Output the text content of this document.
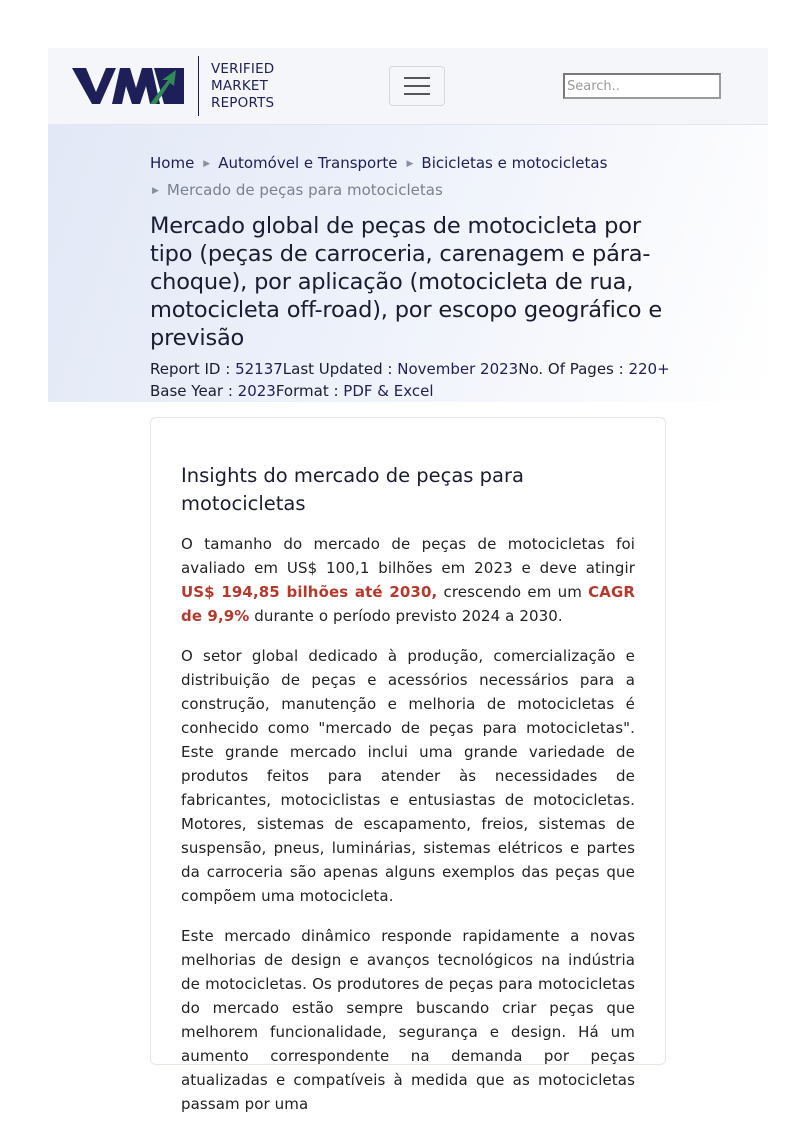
VERIFIED
MARKET
REPORTS
Search..
Home ▶ Automóvel e Transporte ▶ Bicicletas e motocicletas
▶ Mercado de peças para motocicletas
Mercado global de peças de motocicleta por tipo (peças de carroceria, carenagem e pára-choque), por aplicação (motocicleta de rua, motocicleta off-road), por escopo geográfico e previsão
Report ID : 52137Last Updated : November 2023No. Of Pages : 220+
Base Year : 2023Format : PDF & Excel
Insights do mercado de peças para motocicletas

O tamanho do mercado de peças de motocicletas foi avaliado em US$ 100,1 bilhões em 2023 e deve atingir US$ 194,85 bilhões até 2030, crescendo em um CAGR de 9,9% durante o período previsto 2024 a 2030.

O setor global dedicado à produção, comercialização e distribuição de peças e acessórios necessários para a construção, manutenção e melhoria de motocicletas é conhecido como "mercado de peças para motocicletas". Este grande mercado inclui uma grande variedade de produtos feitos para atender às necessidades de fabricantes, motociclistas e entusiastas de motocicletas. Motores, sistemas de escapamento, freios, sistemas de suspensão, pneus, luminárias, sistemas elétricos e partes da carroceria são apenas alguns exemplos das peças que compõem uma motocicleta.

Este mercado dinâmico responde rapidamente a novas melhorias de design e avanços tecnológicos na indústria de motocicletas. Os produtores de peças para motocicletas do mercado estão sempre buscando criar peças que melhorem funcionalidade, segurança e design. Há um aumento correspondente na demanda por peças atualizadas e compatíveis à medida que as motocicletas passam por uma
